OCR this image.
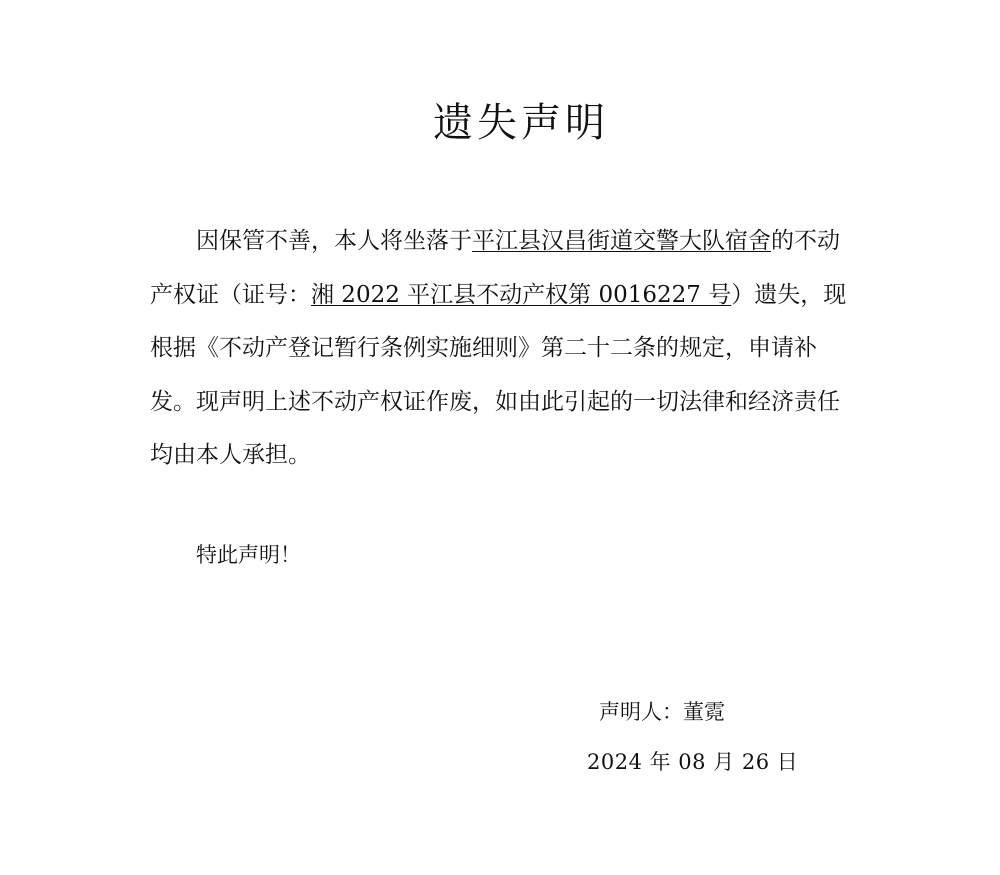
遗失声明
因保管不善，本人将坐落于平江县汉昌街道交警大队宿舍的不动产权证（证号：湘 2022 平江县不动产权第 0016227 号）遗失，现根据《不动产登记暂行条例实施细则》第二十二条的规定，申请补发。现声明上述不动产权证作废，如由此引起的一切法律和经济责任均由本人承担。
特此声明！
声明人：董霓
2024 年 08 月 26 日
